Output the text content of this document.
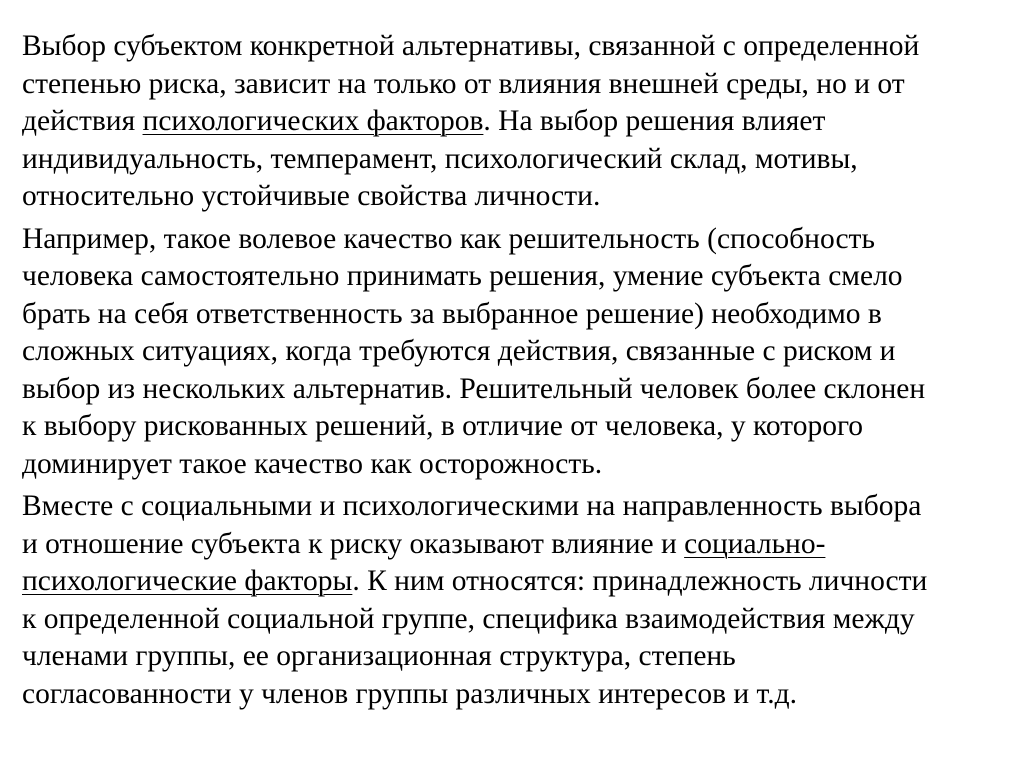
Выбор субъектом конкретной альтернативы, связанной с определенной
степенью риска, зависит на только от влияния внешней среды, но и от
действия психологических факторов. На выбор решения влияет
индивидуальность, темперамент, психологический склад, мотивы,
относительно устойчивые свойства личности.

Например, такое волевое качество как решительность (способность
человека самостоятельно принимать решения, умение субъекта смело
брать на себя ответственность за выбранное решение) необходимо в
сложных ситуациях, когда требуются действия, связанные с риском и
выбор из нескольких альтернатив. Решительный человек более склонен
к выбору рискованных решений, в отличие от человека, у которого
доминирует такое качество как осторожность.

Вместе с социальными и психологическими на направленность выбора
и отношение субъекта к риску оказывают влияние и социально-
психологические факторы. К ним относятся: принадлежность личности
к определенной социальной группе, специфика взаимодействия между
членами группы, ее организационная структура, степень
согласованности у членов группы различных интересов и т.д.
